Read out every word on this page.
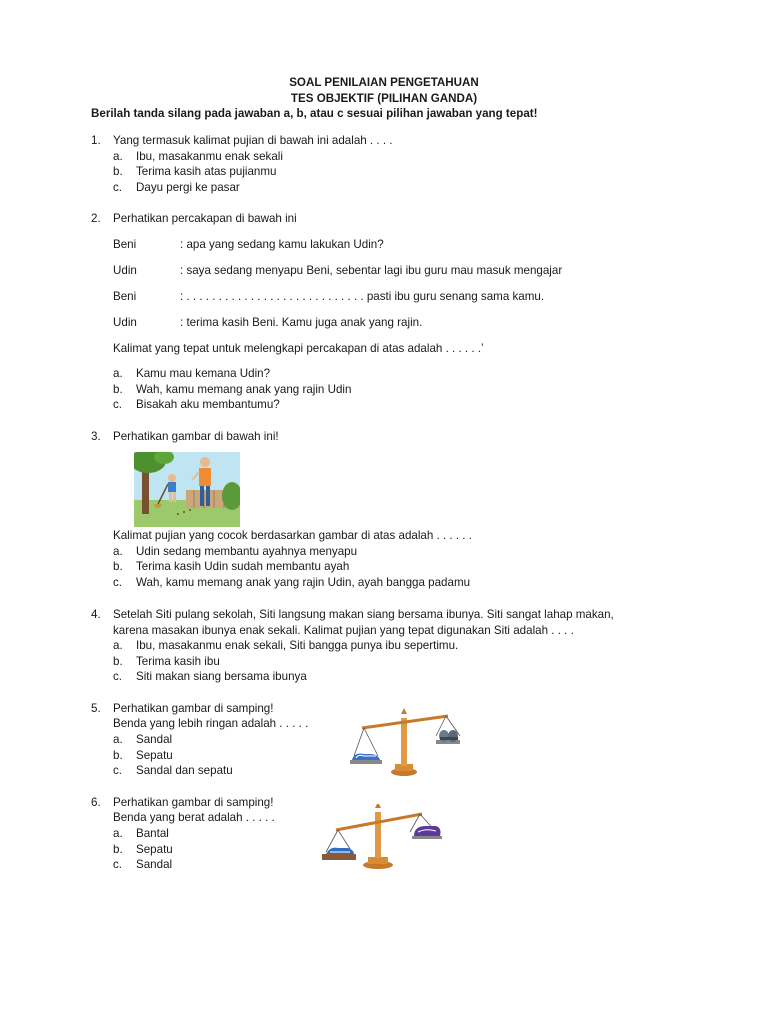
SOAL PENILAIAN PENGETAHUAN
TES OBJEKTIF (PILIHAN GANDA)
Berilah tanda silang pada jawaban a, b, atau c sesuai pilihan jawaban yang tepat!
1. Yang termasuk kalimat pujian di bawah ini adalah . . . .
a. Ibu, masakanmu enak sekali
b. Terima kasih atas pujianmu
c. Dayu pergi ke pasar
2. Perhatikan percakapan di bawah ini
Beni	: apa yang sedang kamu lakukan Udin?
Udin	: saya sedang menyapu Beni, sebentar lagi ibu guru mau masuk mengajar
Beni	: . . . . . . . . . . . . . . . . . . . . . . . . . . . . pasti ibu guru senang sama kamu.
Udin	: terima kasih Beni. Kamu juga anak yang rajin.
Kalimat yang tepat untuk melengkapi percakapan di atas adalah . . . . . .’
a. Kamu mau kemana Udin?
b. Wah, kamu memang anak yang rajin Udin
c. Bisakah aku membantumu?
3. Perhatikan gambar di bawah ini!
Kalimat pujian yang cocok berdasarkan gambar di atas adalah . . . . . .
a. Udin sedang membantu ayahnya menyapu
b. Terima kasih Udin sudah membantu ayah
c. Wah, kamu memang anak yang rajin Udin, ayah bangga padamu
4. Setelah Siti pulang sekolah, Siti langsung makan siang bersama ibunya. Siti sangat lahap makan,
karena masakan ibunya enak sekali. Kalimat pujian yang tepat digunakan Siti adalah . . . .
a. Ibu, masakanmu enak sekali, Siti bangga punya ibu sepertimu.
b. Terima kasih ibu
c. Siti makan siang bersama ibunya
5. Perhatikan gambar di samping!
Benda yang lebih ringan adalah . . . . .
a. Sandal
b. Sepatu
c. Sandal dan sepatu
6. Perhatikan gambar di samping!
Benda yang berat adalah . . . . .
a. Bantal
b. Sepatu
c. Sandal
